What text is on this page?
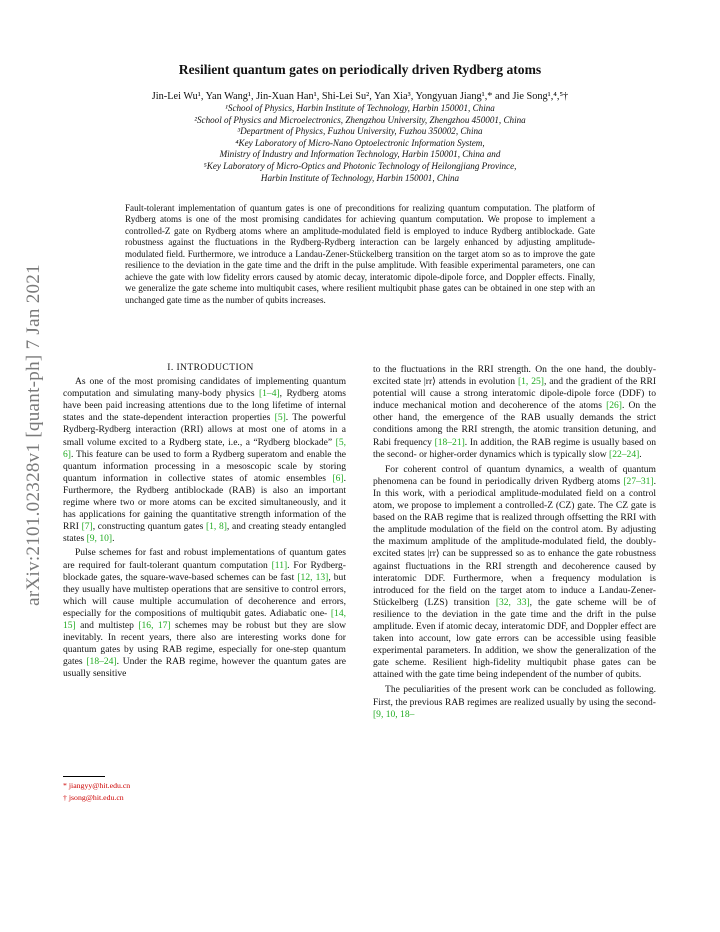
arXiv:2101.02328v1 [quant-ph] 7 Jan 2021
Resilient quantum gates on periodically driven Rydberg atoms
Jin-Lei Wu¹, Yan Wang¹, Jin-Xuan Han¹, Shi-Lei Su², Yan Xia³, Yongyuan Jiang¹,* and Jie Song¹,⁴,⁵†
¹School of Physics, Harbin Institute of Technology, Harbin 150001, China
²School of Physics and Microelectronics, Zhengzhou University, Zhengzhou 450001, China
³Department of Physics, Fuzhou University, Fuzhou 350002, China
⁴Key Laboratory of Micro-Nano Optoelectronic Information System,
Ministry of Industry and Information Technology, Harbin 150001, China and
⁵Key Laboratory of Micro-Optics and Photonic Technology of Heilongjiang Province,
Harbin Institute of Technology, Harbin 150001, China
Fault-tolerant implementation of quantum gates is one of preconditions for realizing quantum computation. The platform of Rydberg atoms is one of the most promising candidates for achieving quantum computation. We propose to implement a controlled-Z gate on Rydberg atoms where an amplitude-modulated field is employed to induce Rydberg antiblockade. Gate robustness against the fluctuations in the Rydberg-Rydberg interaction can be largely enhanced by adjusting amplitude-modulated field. Furthermore, we introduce a Landau-Zener-Stückelberg transition on the target atom so as to improve the gate resilience to the deviation in the gate time and the drift in the pulse amplitude. With feasible experimental parameters, one can achieve the gate with low fidelity errors caused by atomic decay, interatomic dipole-dipole force, and Doppler effects. Finally, we generalize the gate scheme into multiqubit cases, where resilient multiqubit phase gates can be obtained in one step with an unchanged gate time as the number of qubits increases.

I. INTRODUCTION

As one of the most promising candidates of implementing quantum computation and simulating many-body physics [1–4], Rydberg atoms have been paid increasing attentions due to the long lifetime of internal states and the state-dependent interaction properties [5]. The powerful Rydberg-Rydberg interaction (RRI) allows at most one of atoms in a small volume excited to a Rydberg state, i.e., a “Rydberg blockade” [5, 6]. This feature can be used to form a Rydberg superatom and enable the quantum information processing in a mesoscopic scale by storing quantum information in collective states of atomic ensembles [6]. Furthermore, the Rydberg antiblockade (RAB) is also an important regime where two or more atoms can be excited simultaneously, and it has applications for gaining the quantitative strength information of the RRI [7], constructing quantum gates [1, 8], and creating steady entangled states [9, 10].

Pulse schemes for fast and robust implementations of quantum gates are required for fault-tolerant quantum computation [11]. For Rydberg-blockade gates, the square-wave-based schemes can be fast [12, 13], but they usually have multistep operations that are sensitive to control errors, which will cause multiple accumulation of decoherence and errors, especially for the compositions of multiqubit gates. Adiabatic one- [14, 15] and multistep [16, 17] schemes may be robust but they are slow inevitably. In recent years, there also are interesting works done for quantum gates by using RAB regime, especially for one-step quantum gates [18–24]. Under the RAB regime, however the quantum gates are usually sensitive

to the fluctuations in the RRI strength. On the one hand, the doubly-excited state |rr⟩ attends in evolution [1, 25], and the gradient of the RRI potential will cause a strong interatomic dipole-dipole force (DDF) to induce mechanical motion and decoherence of the atoms [26]. On the other hand, the emergence of the RAB usually demands the strict conditions among the RRI strength, the atomic transition detuning, and Rabi frequency [18–21]. In addition, the RAB regime is usually based on the second- or higher-order dynamics which is typically slow [22–24].

For coherent control of quantum dynamics, a wealth of quantum phenomena can be found in periodically driven Rydberg atoms [27–31]. In this work, with a periodical amplitude-modulated field on a control atom, we propose to implement a controlled-Z (CZ) gate. The CZ gate is based on the RAB regime that is realized through offsetting the RRI with the amplitude modulation of the field on the control atom. By adjusting the maximum amplitude of the amplitude-modulated field, the doubly-excited states |rr⟩ can be suppressed so as to enhance the gate robustness against fluctuations in the RRI strength and decoherence caused by interatomic DDF. Furthermore, when a frequency modulation is introduced for the field on the target atom to induce a Landau-Zener-Stückelberg (LZS) transition [32, 33], the gate scheme will be of resilience to the deviation in the gate time and the drift in the pulse amplitude. Even if atomic decay, interatomic DDF, and Doppler effect are taken into account, low gate errors can be accessible using feasible experimental parameters. In addition, we show the generalization of the gate scheme. Resilient high-fidelity multiqubit phase gates can be attained with the gate time being independent of the number of qubits.

The peculiarities of the present work can be concluded as following. First, the previous RAB regimes are realized usually by using the second- [9, 10, 18–

* jiangyy@hit.edu.cn
† jsong@hit.edu.cn
